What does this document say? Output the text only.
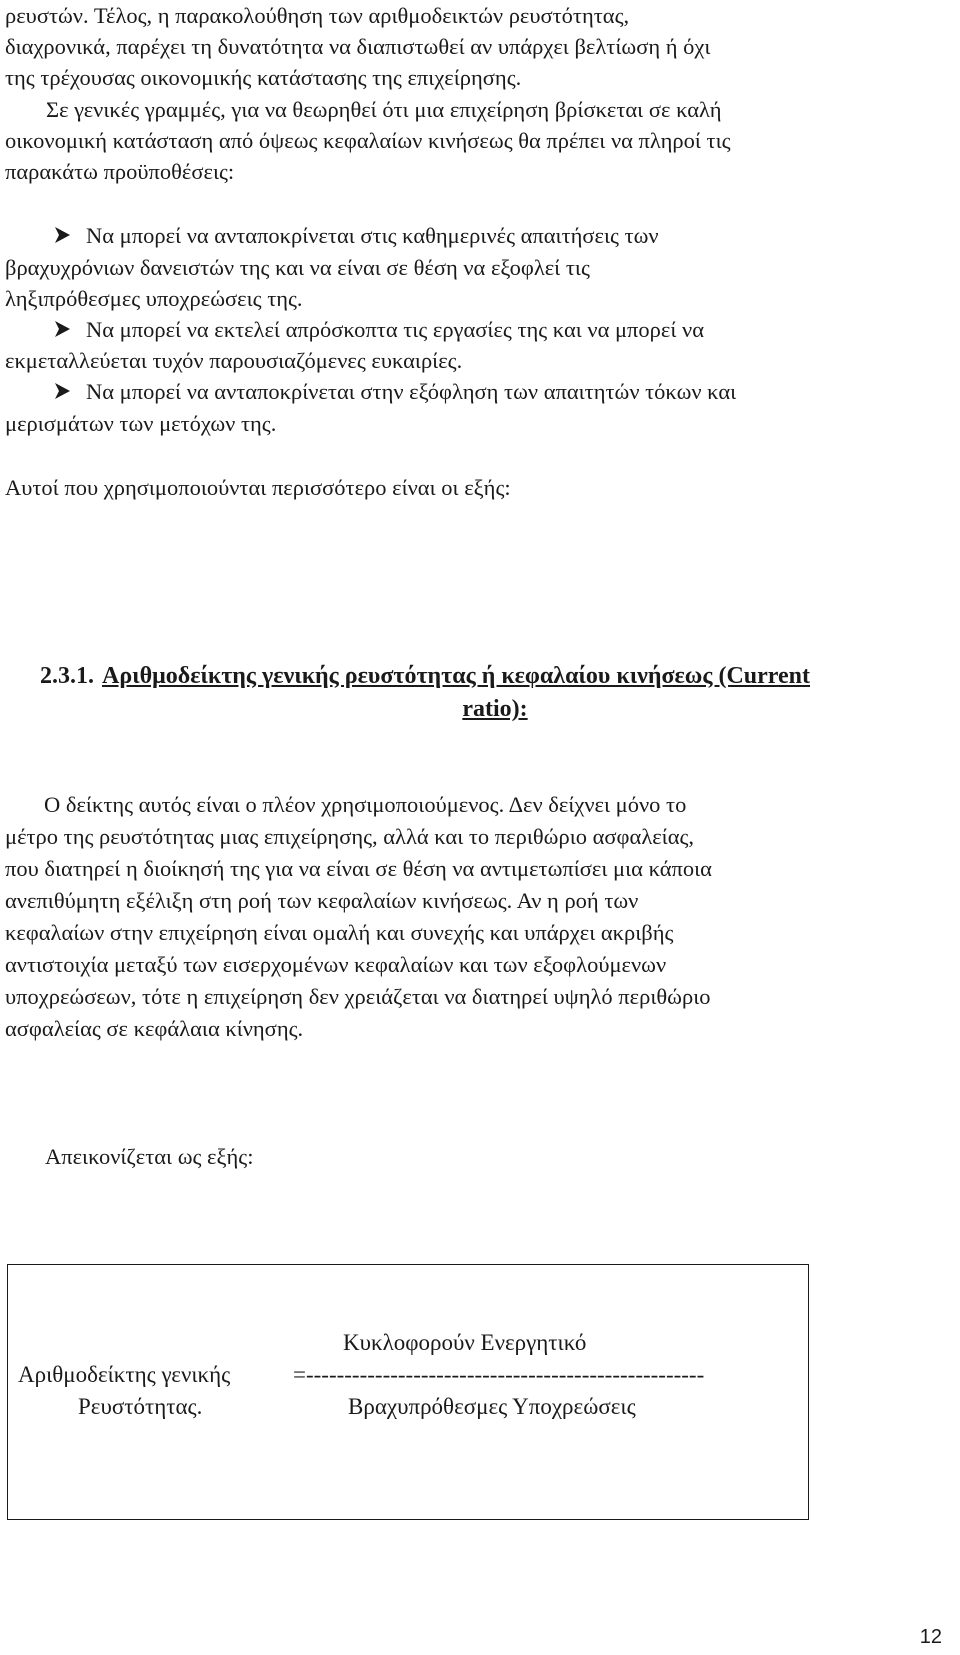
ρευστών. Τέλος, η παρακολούθηση των αριθμοδεικτών ρευστότητας,
διαχρονικά, παρέχει τη δυνατότητα να διαπιστωθεί αν υπάρχει βελτίωση ή όχι
της τρέχουσας οικονομικής κατάστασης της επιχείρησης.
Σε γενικές γραμμές, για να θεωρηθεί ότι μια επιχείρηση βρίσκεται σε καλή
οικονομική κατάσταση από όψεως κεφαλαίων κινήσεως θα πρέπει να πληροί τις
παρακάτω προϋποθέσεις:
Να μπορεί να ανταποκρίνεται στις καθημερινές απαιτήσεις των
βραχυχρόνιων δανειστών της και να είναι σε θέση να εξοφλεί τις
ληξιπρόθεσμες υποχρεώσεις της.
Να μπορεί να εκτελεί απρόσκοπτα τις εργασίες της και να μπορεί να
εκμεταλλεύεται τυχόν παρουσιαζόμενες ευκαιρίες.
Να μπορεί να ανταποκρίνεται στην εξόφληση των απαιτητών τόκων και
μερισμάτων των μετόχων της.
Αυτοί που χρησιμοποιούνται περισσότερο είναι οι εξής:
2.3.1. Αριθμοδείκτης γενικής ρευστότητας ή κεφαλαίου κινήσεως (Current
ratio):
Ο δείκτης αυτός είναι ο πλέον χρησιμοποιούμενος. Δεν δείχνει μόνο το
μέτρο της ρευστότητας μιας επιχείρησης, αλλά και το περιθώριο ασφαλείας,
που διατηρεί η διοίκησή της για να είναι σε θέση να αντιμετωπίσει μια κάποια
ανεπιθύμητη εξέλιξη στη ροή των κεφαλαίων κινήσεως. Αν η ροή των
κεφαλαίων στην επιχείρηση είναι ομαλή και συνεχής και υπάρχει ακριβής
αντιστοιχία μεταξύ των εισερχομένων κεφαλαίων και των εξοφλούμενων
υποχρεώσεων, τότε η επιχείρηση δεν χρειάζεται να διατηρεί υψηλό περιθώριο
ασφαλείας σε κεφάλαια κίνησης.
Απεικονίζεται ως εξής:
Κυκλοφορούν Ενεργητικό
Αριθμοδείκτης γενικής	=----------------------------------------------------
Ρευστότητας.	Βραχυπρόθεσμες Υποχρεώσεις
12
